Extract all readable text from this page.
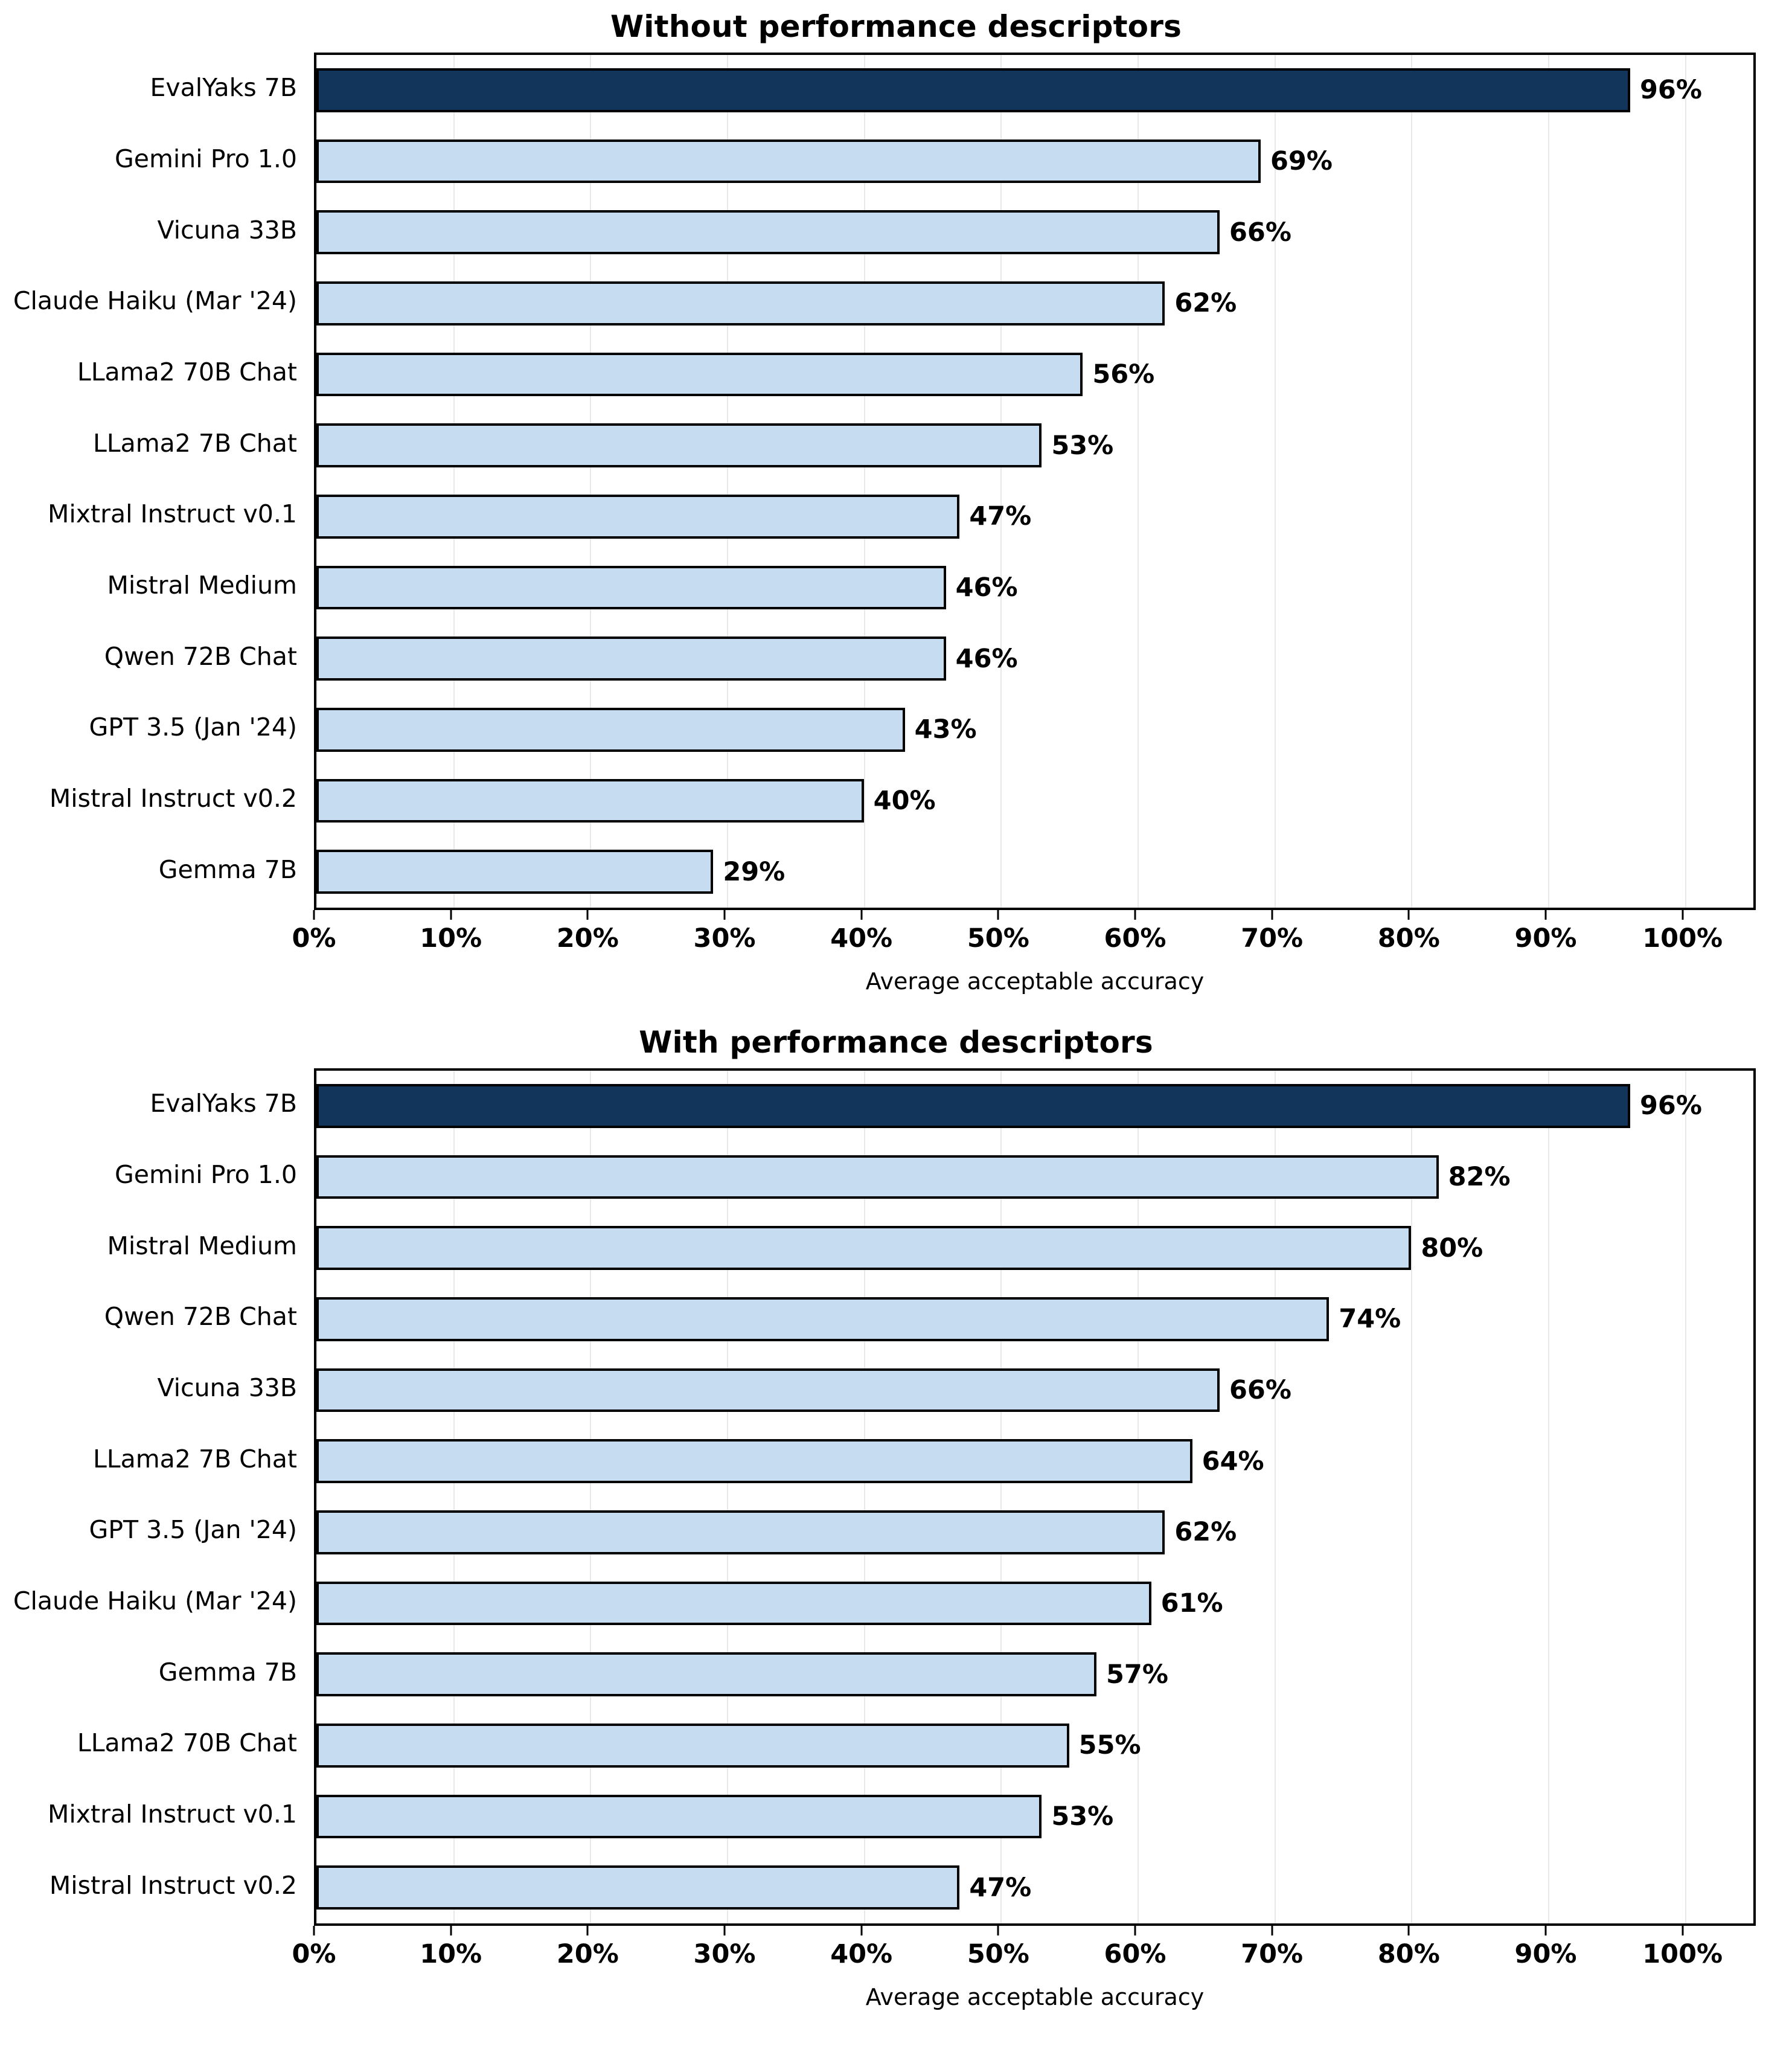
Without performance descriptors
EvalYaks 7B
Gemini Pro 1.0
Vicuna 33B
Claude Haiku (Mar '24)
LLama2 70B Chat
LLama2 7B Chat
Mixtral Instruct v0.1
Mistral Medium
Qwen 72B Chat
GPT 3.5 (Jan '24)
Mistral Instruct v0.2
Gemma 7B
96%
69%
66%
62%
56%
53%
47%
46%
46%
43%
40%
29%
0%	10%	20%	30%	40%	50%	60%	70%	80%	90%	100%
Average acceptable accuracy
With performance descriptors
EvalYaks 7B
Gemini Pro 1.0
Mistral Medium
Qwen 72B Chat
Vicuna 33B
LLama2 7B Chat
GPT 3.5 (Jan '24)
Claude Haiku (Mar '24)
Gemma 7B
LLama2 70B Chat
Mixtral Instruct v0.1
Mistral Instruct v0.2
96%
82%
80%
74%
66%
64%
62%
61%
57%
55%
53%
47%
0%	10%	20%	30%	40%	50%	60%	70%	80%	90%	100%
Average acceptable accuracy
